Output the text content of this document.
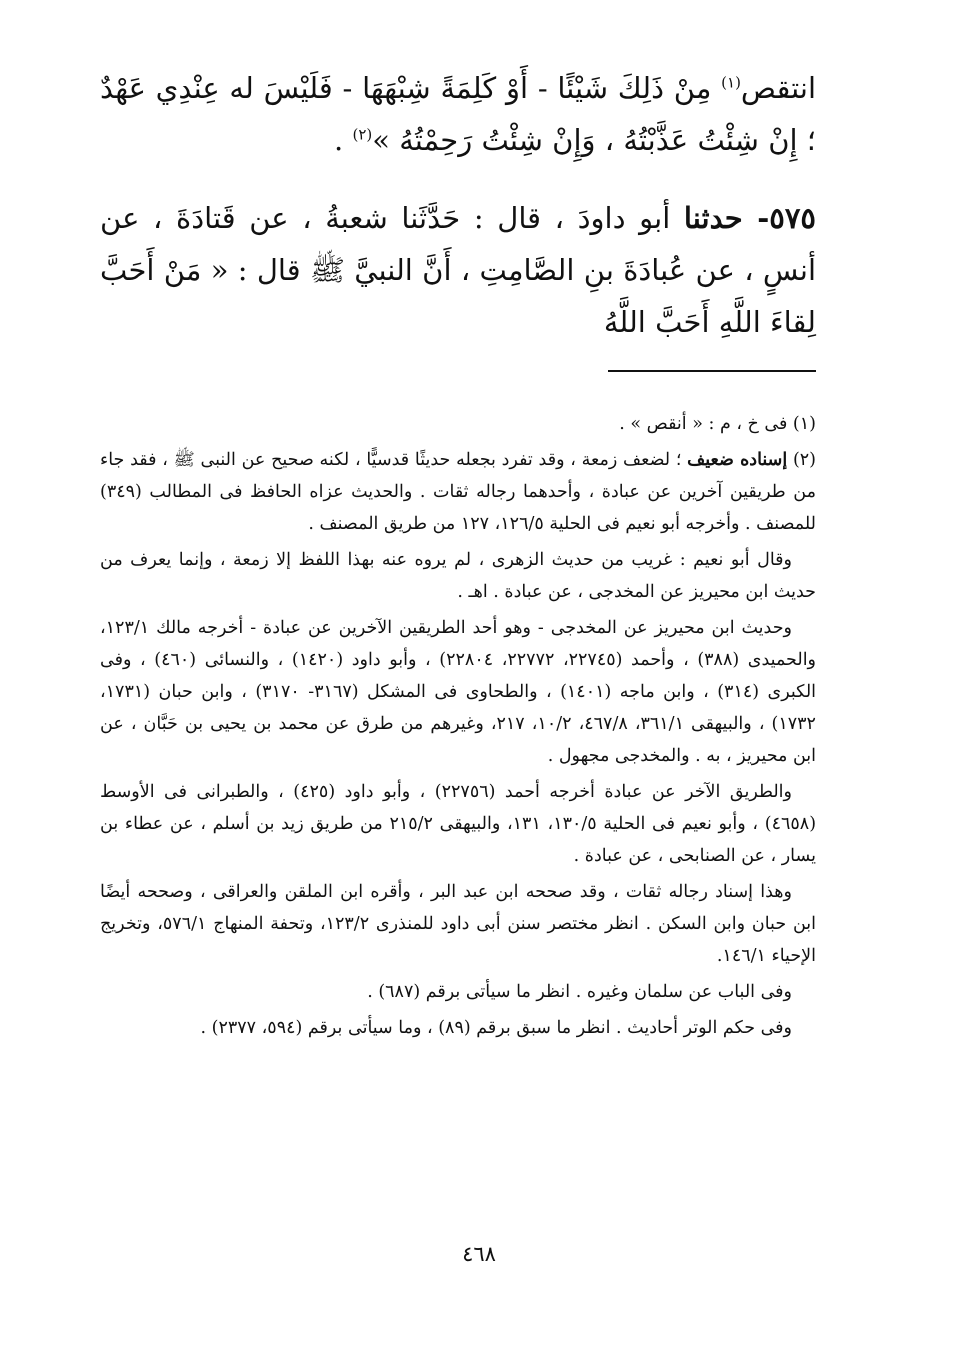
انتقص$^{(١)}$ مِنْ ذَلِكَ شَيْئًا - أَوْ كَلِمَةً شِبْهَهَا - فَلَيْسَ له عِنْدِي عَهْدٌ ؛ إِنْ شِئْتُ عَذَّبْتُهُ ، وَإِنْ شِئْتُ رَحِمْتُهُ »$^{(٢)}$ .

٥٧٥- حدثنا أبو داودَ ، قال : حَدَّثَنا شعبةُ ، عن قَتادَةَ ، عن أنسٍ ، عن عُبادَةَ بنِ الصَّامِتِ ، أَنَّ النبيَّ ﷺ قال : « مَنْ أَحَبَّ لِقاءَ اللَّهِ أَحَبَّ اللَّهُ

(١) فى خ ، م : « أنقص » .

(٢) إسناده ضعيف ؛ لضعف زمعة ، وقد تفرد بجعله حديثًا قدسيًّا ، لكنه صحيح عن النبى ﷺ ، فقد جاء من طريقين آخرين عن عبادة ، وأحدهما رجاله ثقات . والحديث عزاه الحافظ فى المطالب (٣٤٩) للمصنف . وأخرجه أبو نعيم فى الحلية ١٢٦/٥، ١٢٧ من طريق المصنف .

وقال أبو نعيم : غريب من حديث الزهرى ، لم يروه عنه بهذا اللفظ إلا زمعة ، وإنما يعرف من حديث ابن محيريز عن المخدجى ، عن عبادة . اهـ .

وحديث ابن محيريز عن المخدجى - وهو أحد الطريقين الآخرين عن عبادة - أخرجه مالك ١٢٣/١، والحميدى (٣٨٨) ، وأحمد (٢٢٧٤٥، ٢٢٧٧٢، ٢٢٨٠٤) ، وأبو داود (١٤٢٠) ، والنسائى (٤٦٠) ، وفى الكبرى (٣١٤) ، وابن ماجه (١٤٠١) ، والطحاوى فى المشكل (٣١٦٧- ٣١٧٠) ، وابن حبان (١٧٣١، ١٧٣٢) ، والبيهقى ٣٦١/١، ٤٦٧/٨، ١٠/٢، ٢١٧، وغيرهم من طرق عن محمد بن يحيى بن حَبَّان ، عن ابن محيريز ، به . والمخدجى مجهول .

والطريق الآخر عن عبادة أخرجه أحمد (٢٢٧٥٦) ، وأبو داود (٤٢٥) ، والطبرانى فى الأوسط (٤٦٥٨) ، وأبو نعيم فى الحلية ١٣٠/٥، ١٣١، والبيهقى ٢١٥/٢ من طريق زيد بن أسلم ، عن عطاء بن يسار ، عن الصنابحى ، عن عبادة .

وهذا إسناد رجاله ثقات ، وقد صححه ابن عبد البر ، وأقره ابن الملقن والعراقى ، وصححه أيضًا ابن حبان وابن السكن . انظر مختصر سنن أبى داود للمنذرى ١٢٣/٢، وتحفة المنهاج ٥٧٦/١، وتخريج الإحياء ١٤٦/١.

وفى الباب عن سلمان وغيره . انظر ما سيأتى برقم (٦٨٧) .

وفى حكم الوتر أحاديث . انظر ما سبق برقم (٨٩) ، وما سيأتى برقم (٥٩٤، ٢٣٧٧) .

٤٦٨
